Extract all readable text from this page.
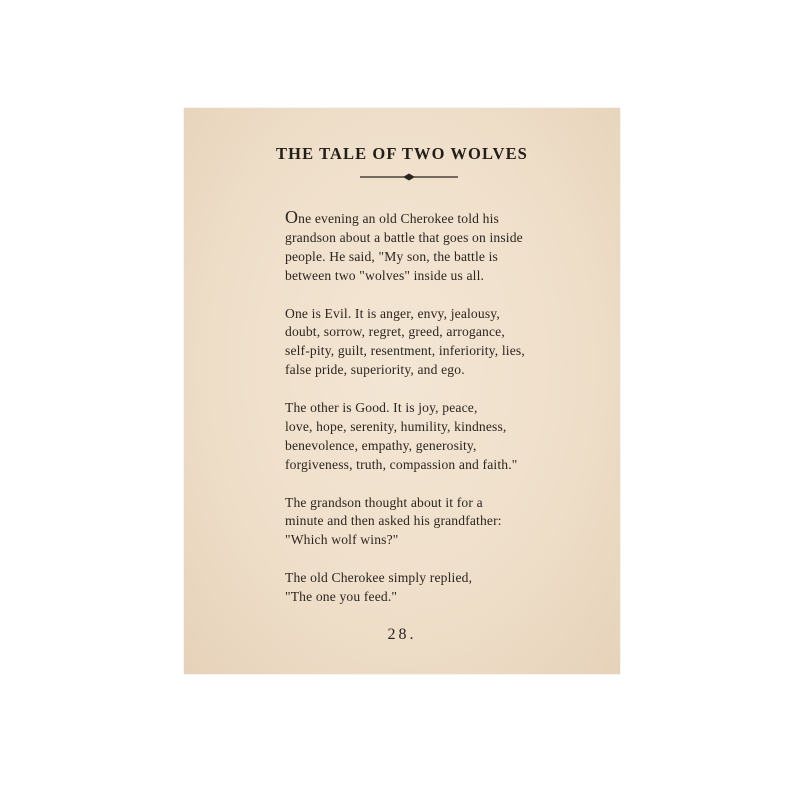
THE TALE OF TWO WOLVES

One evening an old Cherokee told his
grandson about a battle that goes on inside
people. He said, "My son, the battle is
between two "wolves" inside us all.

One is Evil. It is anger, envy, jealousy,
doubt, sorrow, regret, greed, arrogance,
self-pity, guilt, resentment, inferiority, lies,
false pride, superiority, and ego.

The other is Good. It is joy, peace,
love, hope, serenity, humility, kindness,
benevolence, empathy, generosity,
forgiveness, truth, compassion and faith."

The grandson thought about it for a
minute and then asked his grandfather:
"Which wolf wins?"

The old Cherokee simply replied,
"The one you feed."

28.
